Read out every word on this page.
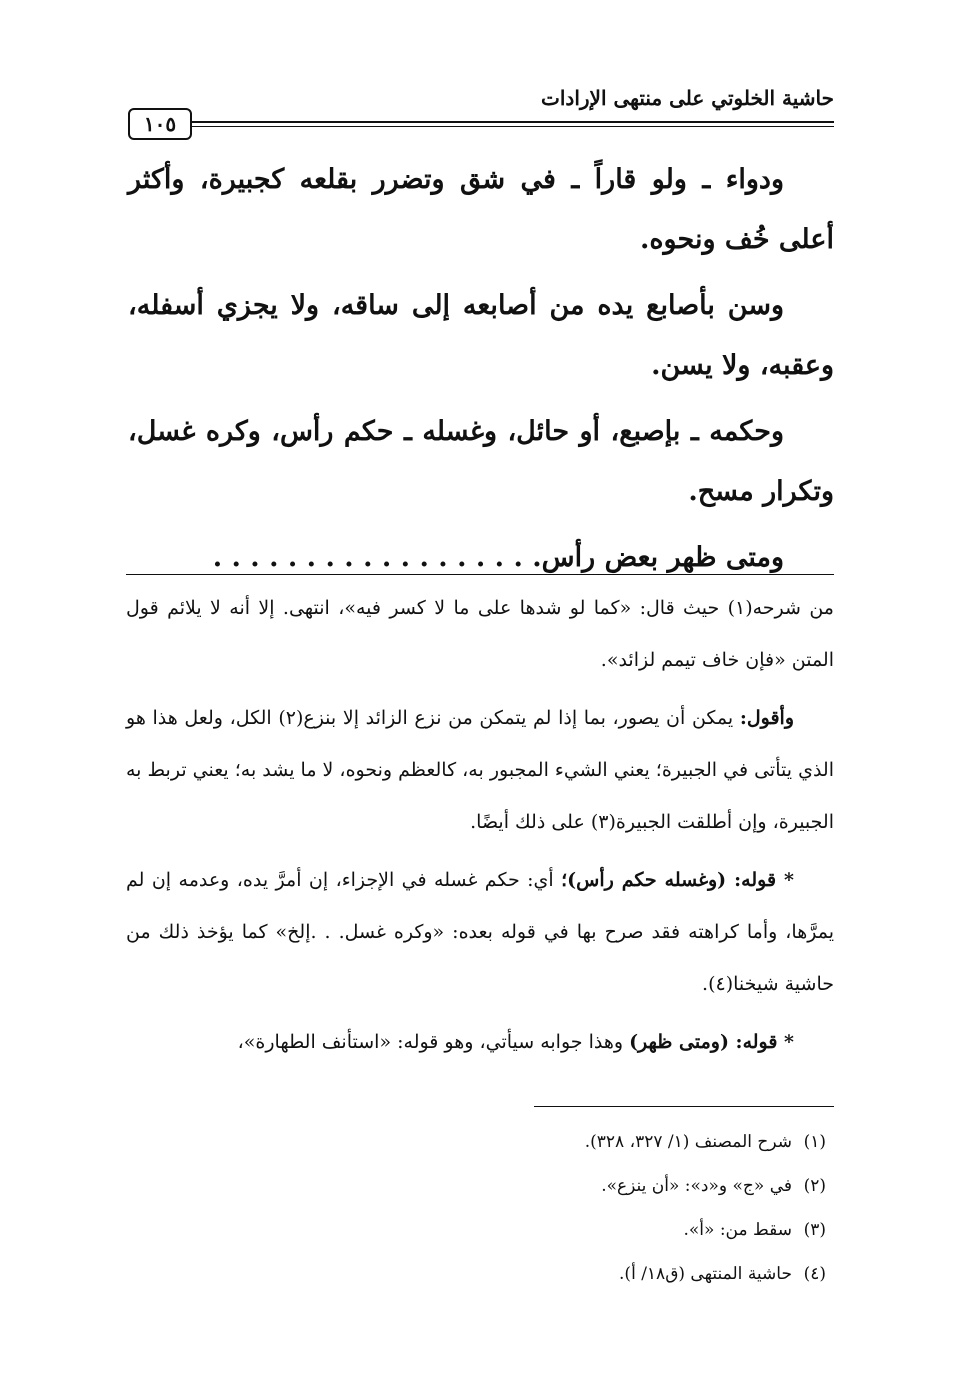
حاشية الخلوتي على منتهى الإرادات
١٠٥

ودواء ـ ولو قاراً ـ في شق وتضرر بقلعه كجبيرة، وأكثر أعلى خُف ونحوه.

وسن بأصابع يده من أصابعه إلى ساقه، ولا يجزي أسفله، وعقبه، ولا يسن.

وحكمه ـ بإصبع، أو حائل، وغسله ـ حكم رأس، وكره غسل، وتكرار مسح.

ومتى ظهر بعض رأس. . . . . . . . . . . . . . . . . .

من شرحه(١) حيث قال: «كما لو شدها على ما لا كسر فيه»، انتهى. إلا أنه لا يلائم قول المتن «فإن خاف تيمم لزائد».

وأقول: يمكن أن يصور، بما إذا لم يتمكن من نزع الزائد إلا بنزع(٢) الكل، ولعل هذا هو الذي يتأتى في الجبيرة؛ يعني الشيء المجبور به، كالعظم ونحوه، لا ما يشد به؛ يعني تربط به الجبيرة، وإن أطلقت الجبيرة(٣) على ذلك أيضًا.

* قوله: (وغسله حكم رأس)؛ أي: حكم غسله في الإجزاء، إن أمرَّ يده، وعدمه إن لم يمرَّها، وأما كراهته فقد صرح بها في قوله بعده: «وكره غسل. . .إلخ» كما يؤخذ ذلك من حاشية شيخنا(٤).

* قوله: (ومتى ظهر) وهذا جوابه سيأتي، وهو قوله: «استأنف الطهارة»،

(١)شرح المصنف (١/ ٣٢٧، ٣٢٨).
(٢)في «ج» و«د»: «أن ينزع».
(٣)سقط من: «أ».
(٤)حاشية المنتهى (ق١٨/ أ).
